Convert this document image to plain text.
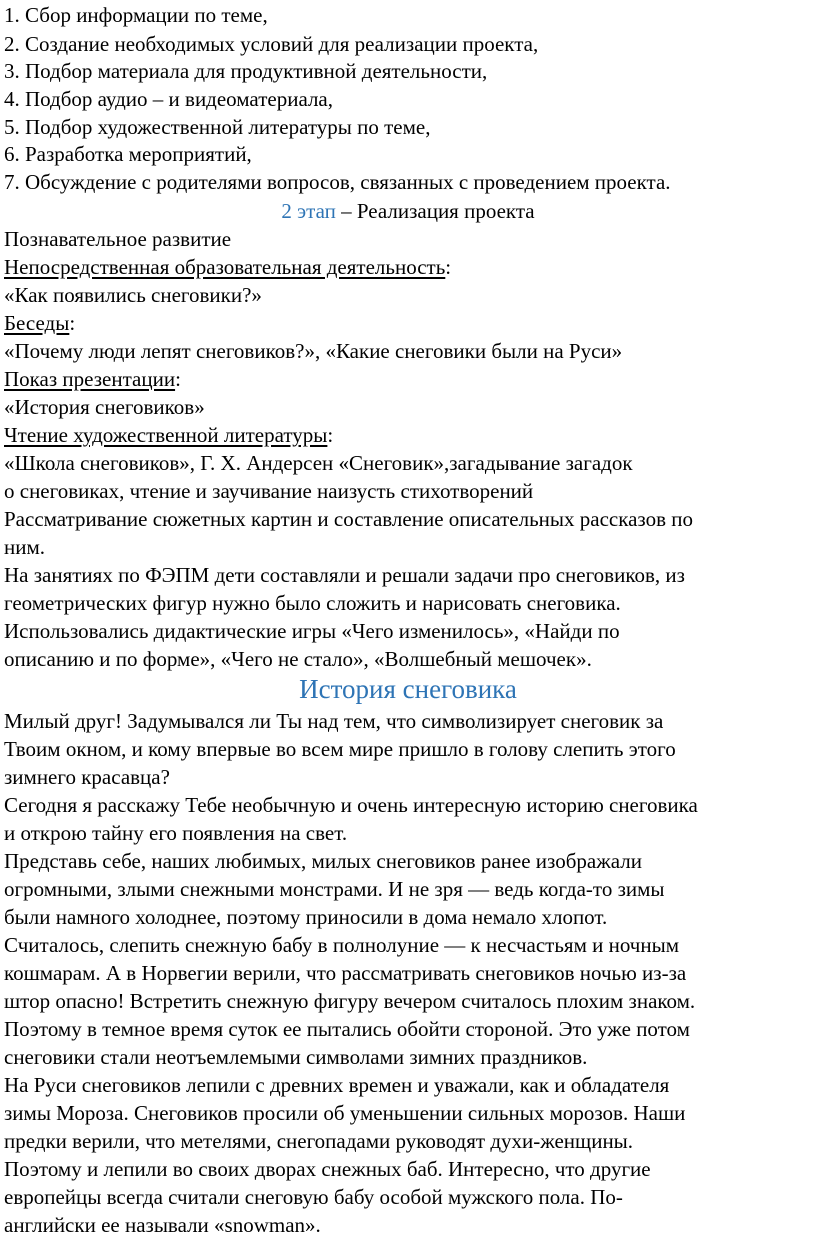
1. Сбор информации по теме,
2. Создание необходимых условий для реализации проекта,
3. Подбор материала для продуктивной деятельности,
4. Подбор аудио – и видеоматериала,
5. Подбор художественной литературы по теме,
6. Разработка мероприятий,
7. Обсуждение с родителями вопросов, связанных с проведением проекта.
2 этап – Реализация проекта
Познавательное развитие
Непосредственная образовательная деятельность:
«Как появились снеговики?»
Беседы:
«Почему люди лепят снеговиков?», «Какие снеговики были на Руси»
Показ презентации:
«История снеговиков»
Чтение художественной литературы:
«Школа снеговиков», Г. Х. Андерсен «Снеговик»,загадывание загадок
о снеговиках, чтение и заучивание наизусть стихотворений
Рассматривание сюжетных картин и составление описательных рассказов по
ним.
На занятиях по ФЭПМ дети составляли и решали задачи про снеговиков, из
геометрических фигур нужно было сложить и нарисовать снеговика.
Использовались дидактические игры «Чего изменилось», «Найди по
описанию и по форме», «Чего не стало», «Волшебный мешочек».
История снеговика
Милый друг! Задумывался ли Ты над тем, что символизирует снеговик за
Твоим окном, и кому впервые во всем мире пришло в голову слепить этого
зимнего красавца?
Сегодня я расскажу Тебе необычную и очень интересную историю снеговика
и открою тайну его появления на свет.
Представь себе, наших любимых, милых снеговиков ранее изображали
огромными, злыми снежными монстрами. И не зря — ведь когда-то зимы
были намного холоднее, поэтому приносили в дома немало хлопот.
Считалось, слепить снежную бабу в полнолуние — к несчастьям и ночным
кошмарам. А в Норвегии верили, что рассматривать снеговиков ночью из-за
штор опасно! Встретить снежную фигуру вечером считалось плохим знаком.
Поэтому в темное время суток ее пытались обойти стороной. Это уже потом
снеговики стали неотъемлемыми символами зимних праздников.
На Руси снеговиков лепили с древних времен и уважали, как и обладателя
зимы Мороза. Снеговиков просили об уменьшении сильных морозов. Наши
предки верили, что метелями, снегопадами руководят духи-женщины.
Поэтому и лепили во своих дворах снежных баб. Интересно, что другие
европейцы всегда считали снеговую бабу особой мужского пола. По-
английски ее называли «snowman».
